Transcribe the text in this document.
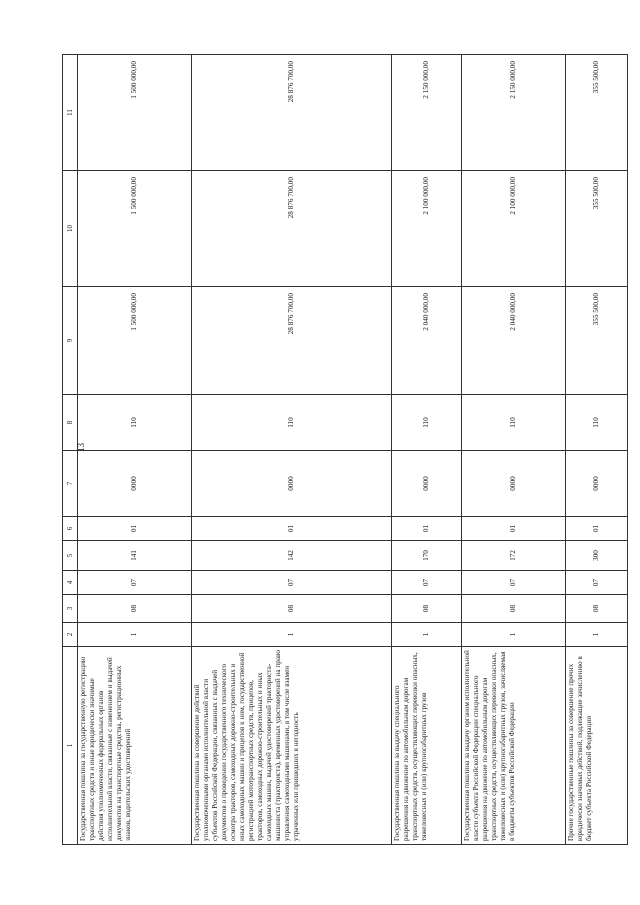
13
1	2	3	4	5	6	7	8	9	10	11
Государственная пошлина за государственную регистрацию транспортных средств и иные юридически значимые действия уполномоченных федеральных органов исполнительной власти, связанные с изменением и выдачей документов на транспортные средства, регистрационных знаков, водительских удостоверений	1	08	07	141	01	0000	110	1 500 000,00	1 500 000,00	1 500 000,00
Государственная пошлина за совершение действий уполномоченными органами исполнительной власти субъектов Российской Федерации, связанных с выдачей документов о проведении государственного технического осмотра тракторов, самоходных дорожно-строительных и иных самоходных машин и прицепов к ним, государственной регистрацией мототранспортных средств, прицепов, тракторов, самоходных дорожно-строительных и иных самоходных машин, выдачей удостоверений тракториста-машиниста (тракториста), временных удостоверений на право управления самоходными машинами, в том числе взамен утраченных или пришедших в негодность	1	08	07	142	01	0000	110	28 876 700,00	28 876 700,00	28 876 700,00
Государственная пошлина за выдачу специального разрешения на движение по автомобильным дорогам транспортных средств, осуществляющих перевозки опасных, тяжеловесных и (или) крупногабаритных грузов	1	08	07	170	01	0000	110	2 040 000,00	2 100 000,00	2 150 000,00
Государственная пошлина за выдачу органом исполнительной власти субъекта Российской Федерации специального разрешения на движение по автомобильным дорогам транспортных средств, осуществляющих перевозки опасных, тяжеловесных и (или) крупногабаритных грузов, зачисляемая в бюджеты субъектов Российской Федерации	1	08	07	172	01	0000	110	2 040 000,00	2 100 000,00	2 150 000,00
Прочие государственные пошлины за совершение прочих юридически значимых действий, подлежащие зачислению в бюджет субъекта Российской Федерации	1	08	07	300	01	0000	110	355 500,00	355 500,00	355 500,00
